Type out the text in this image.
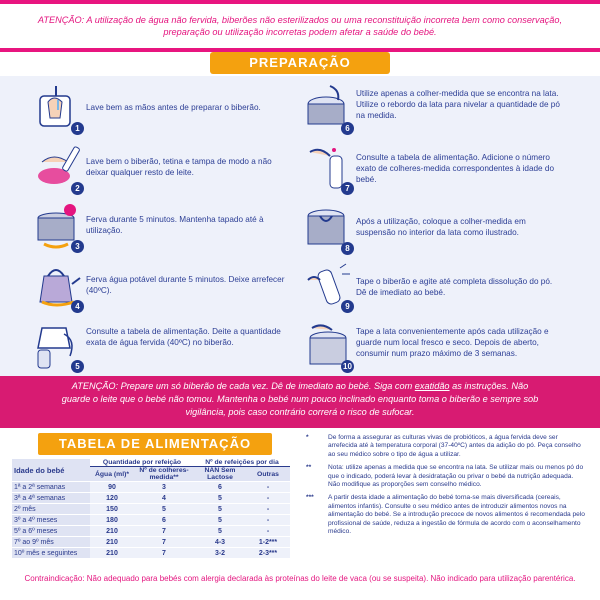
ATENÇÃO: A utilização de água não fervida, biberões não esterilizados ou uma reconstituição incorreta bem como conservação, preparação ou utilização incorretas podem afetar a saúde do bebé.

PREPARAÇÃO
1
Lave bem as mãos antes de preparar o biberão.
2
Lave bem o biberão, tetina e tampa de modo a não deixar qualquer resto de leite.
3
Ferva durante 5 minutos. Mantenha tapado até à utilização.
4
Ferva água potável durante 5 minutos. Deixe arrefecer (40ºC).
5
Consulte a tabela de alimentação. Deite a quantidade exata de água fervida (40ºC) no biberão.
6
Utilize apenas a colher-medida que se encontra na lata. Utilize o rebordo da lata para nivelar a quantidade de pó na medida.
7
Consulte a tabela de alimentação. Adicione o número exato de colheres-medida correspondentes à idade do bebé.
8
Após a utilização, coloque a colher-medida em suspensão no interior da lata como ilustrado.
9
Tape o biberão e agite até completa dissolução do pó. Dê de imediato ao bebé.
10
Tape a lata convenientemente após cada utilização e guarde num local fresco e seco. Depois de aberto, consumir num prazo máximo de 3 semanas.

ATENÇÃO: Prepare um só biberão de cada vez. Dê de imediato ao bebé. Siga com exatidão as instruções. Não guarde o leite que o bebé não tomou. Mantenha o bebé num pouco inclinado enquanto toma o biberão e sempre sob vigilância, pois caso contrário correrá o risco de sufocar.

TABELA DE ALIMENTAÇÃO
Idade do bebé	Quantidade por refeição		Nº de refeições por dia	
	Água (ml)*	Nº de colheres-medida**	NAN Sem Lactose	Outras
1ª a 2ª semanas	90	3	6	-
3ª a 4ª semanas	120	4	5	-
2º mês	150	5	5	-
3º a 4º meses	180	6	5	-
5º a 6º meses	210	7	5	-
7º ao 9º mês	210	7	4-3	1-2***
10º mês e seguintes	210	7	3-2	2-3***
*	De forma a assegurar as culturas vivas de probióticos, a água fervida deve ser arrefecida até à temperatura corporal (37-40ºC) antes da adição do pó. Peça conselho ao seu médico sobre o tipo de água a utilizar.
**	Nota: utilize apenas a medida que se encontra na lata. Se utilizar mais ou menos pó do que o indicado, poderá levar à desidratação ou privar o bebé da nutrição adequada. Não modifique as proporções sem conselho médico.
*** A partir desta idade a alimentação do bebé torna-se mais diversificada (cereais, alimentos infantis). Consulte o seu médico antes de introduzir alimentos novos na alimentação do bebé. Se a introdução precoce de novos alimentos é recomendada pelo profissional de saúde, reduza a ingestão de fórmula de acordo com o aconselhamento médico.
Contraindicação: Não adequado para bebés com alergia declarada às proteínas do leite de vaca (ou se suspeita). Não indicado para utilização parentérica.
